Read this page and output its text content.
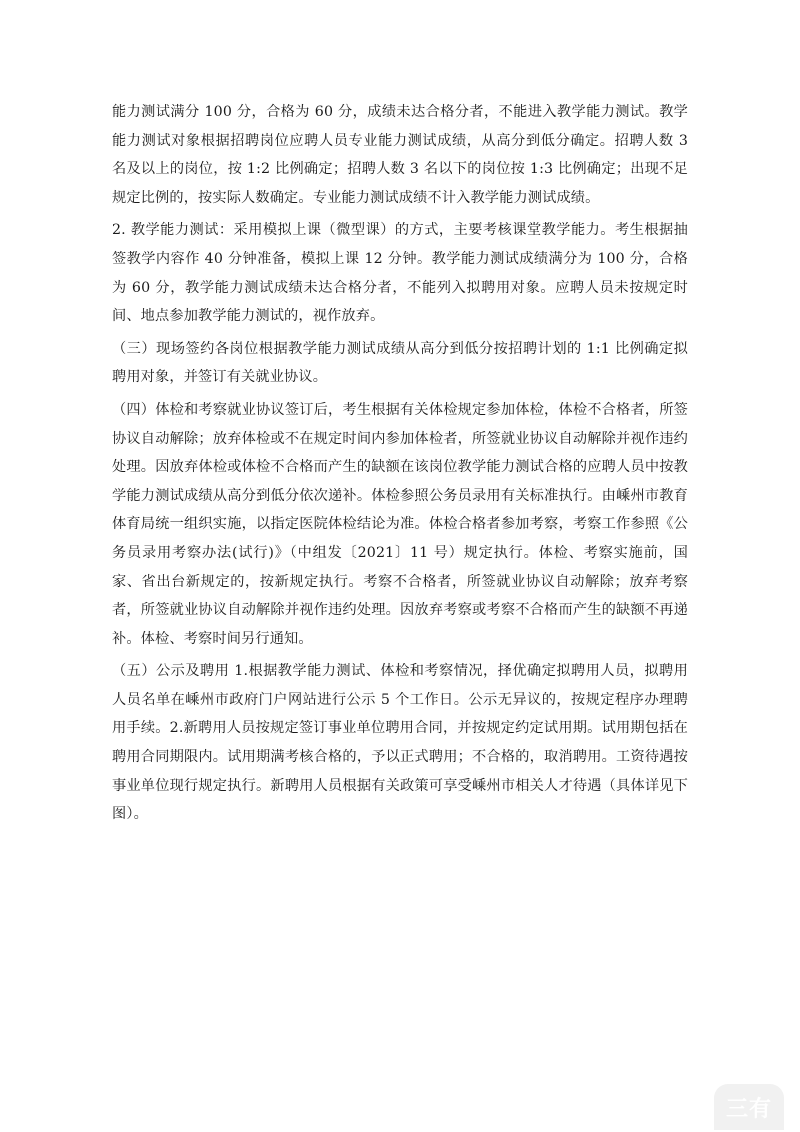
能力测试满分 100 分，合格为 60 分，成绩未达合格分者，不能进入教学能力测试。教学能力测试对象根据招聘岗位应聘人员专业能力测试成绩，从高分到低分确定。招聘人数 3 名及以上的岗位，按 1:2 比例确定；招聘人数 3 名以下的岗位按 1:3 比例确定；出现不足规定比例的，按实际人数确定。专业能力测试成绩不计入教学能力测试成绩。

2. 教学能力测试：采用模拟上课（微型课）的方式，主要考核课堂教学能力。考生根据抽签教学内容作 40 分钟准备，模拟上课 12 分钟。教学能力测试成绩满分为 100 分，合格为 60 分，教学能力测试成绩未达合格分者，不能列入拟聘用对象。应聘人员未按规定时间、地点参加教学能力测试的，视作放弃。

（三）现场签约各岗位根据教学能力测试成绩从高分到低分按招聘计划的 1:1 比例确定拟聘用对象，并签订有关就业协议。

（四）体检和考察就业协议签订后，考生根据有关体检规定参加体检，体检不合格者，所签协议自动解除；放弃体检或不在规定时间内参加体检者，所签就业协议自动解除并视作违约处理。因放弃体检或体检不合格而产生的缺额在该岗位教学能力测试合格的应聘人员中按教学能力测试成绩从高分到低分依次递补。体检参照公务员录用有关标准执行。由嵊州市教育体育局统一组织实施，以指定医院体检结论为准。体检合格者参加考察，考察工作参照《公务员录用考察办法(试行)》（中组发〔2021〕11 号）规定执行。体检、考察实施前，国家、省出台新规定的，按新规定执行。考察不合格者，所签就业协议自动解除；放弃考察者，所签就业协议自动解除并视作违约处理。因放弃考察或考察不合格而产生的缺额不再递补。体检、考察时间另行通知。

（五）公示及聘用 1.根据教学能力测试、体检和考察情况，择优确定拟聘用人员，拟聘用人员名单在嵊州市政府门户网站进行公示 5 个工作日。公示无异议的，按规定程序办理聘用手续。2.新聘用人员按规定签订事业单位聘用合同，并按规定约定试用期。试用期包括在聘用合同期限内。试用期满考核合格的，予以正式聘用；不合格的，取消聘用。工资待遇按事业单位现行规定执行。新聘用人员根据有关政策可享受嵊州市相关人才待遇（具体详见下图）。

三有
